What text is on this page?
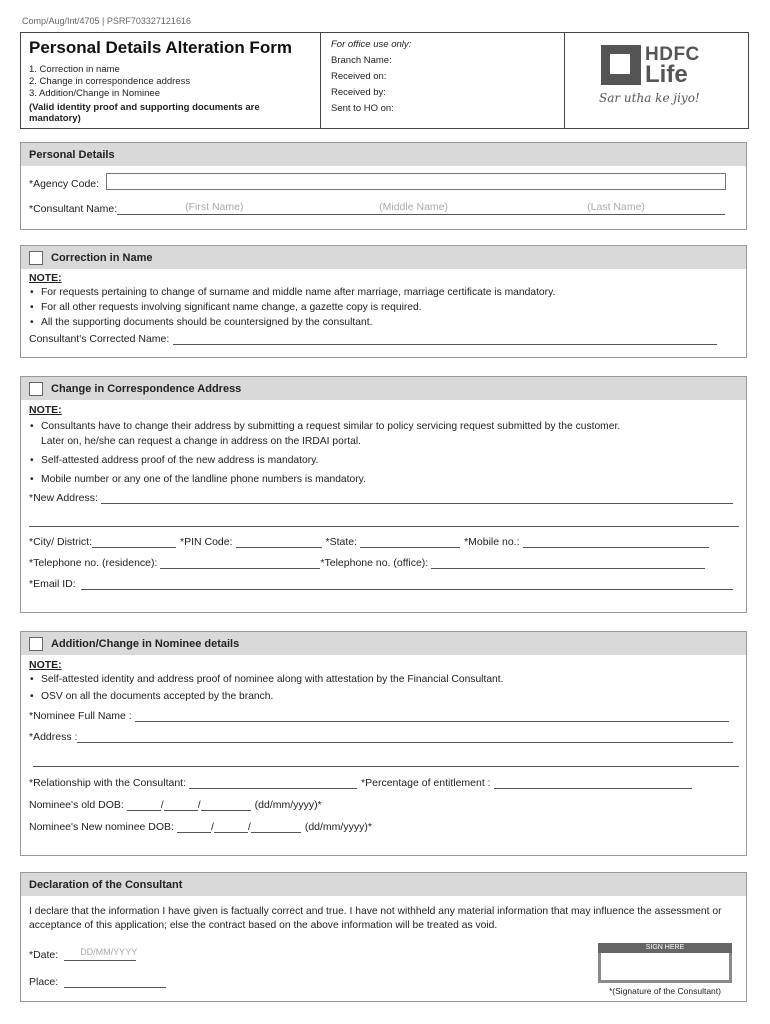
Comp/Aug/Int/4705 | PSRF703327121616
Personal Details Alteration Form
1. Correction in name
2. Change in correspondence address
3. Addition/Change in Nominee
(Valid identity proof and supporting documents are mandatory)
For office use only:
Branch Name:
Received on:
Received by:
Sent to HO on:
HDFC
Life
Sar utha ke jiyo!
Personal Details
*Agency Code:
*Consultant Name:	(First Name)	(Middle Name)	(Last Name)
Correction in Name
NOTE:
• For requests pertaining to change of surname and middle name after marriage, marriage certificate is mandatory.
• For all other requests involving significant name change, a gazette copy is required.
• All the supporting documents should be countersigned by the consultant.
Consultant's Corrected Name:
Change in Correspondence Address
NOTE:
• Consultants have to change their address by submitting a request similar to policy servicing request submitted by the customer.
Later on, he/she can request a change in address on the IRDAI portal.
• Self-attested address proof of the new address is mandatory.
• Mobile number or any one of the landline phone numbers is mandatory.
*New Address:
*City/ District:	*PIN Code:	*State:	*Mobile no.:
*Telephone no. (residence):	*Telephone no. (office):
*Email ID:
Addition/Change in Nominee details
NOTE:
• Self-attested identity and address proof of nominee along with attestation by the Financial Consultant.
• OSV on all the documents accepted by the branch.
*Nominee Full Name :
*Address :
*Relationship with the Consultant:	*Percentage of entitlement :
Nominee's old DOB:	/	/	(dd/mm/yyyy)*
Nominee's New nominee DOB:	/	/	(dd/mm/yyyy)*
Declaration of the Consultant
I declare that the information I have given is factually correct and true. I have not withheld any material information that may influence the assessment or acceptance of this application; else the contract based on the above information will be treated as void.
*Date: DD/MM/YYYY
Place:
SIGN HERE
*(Signature of the Consultant)
